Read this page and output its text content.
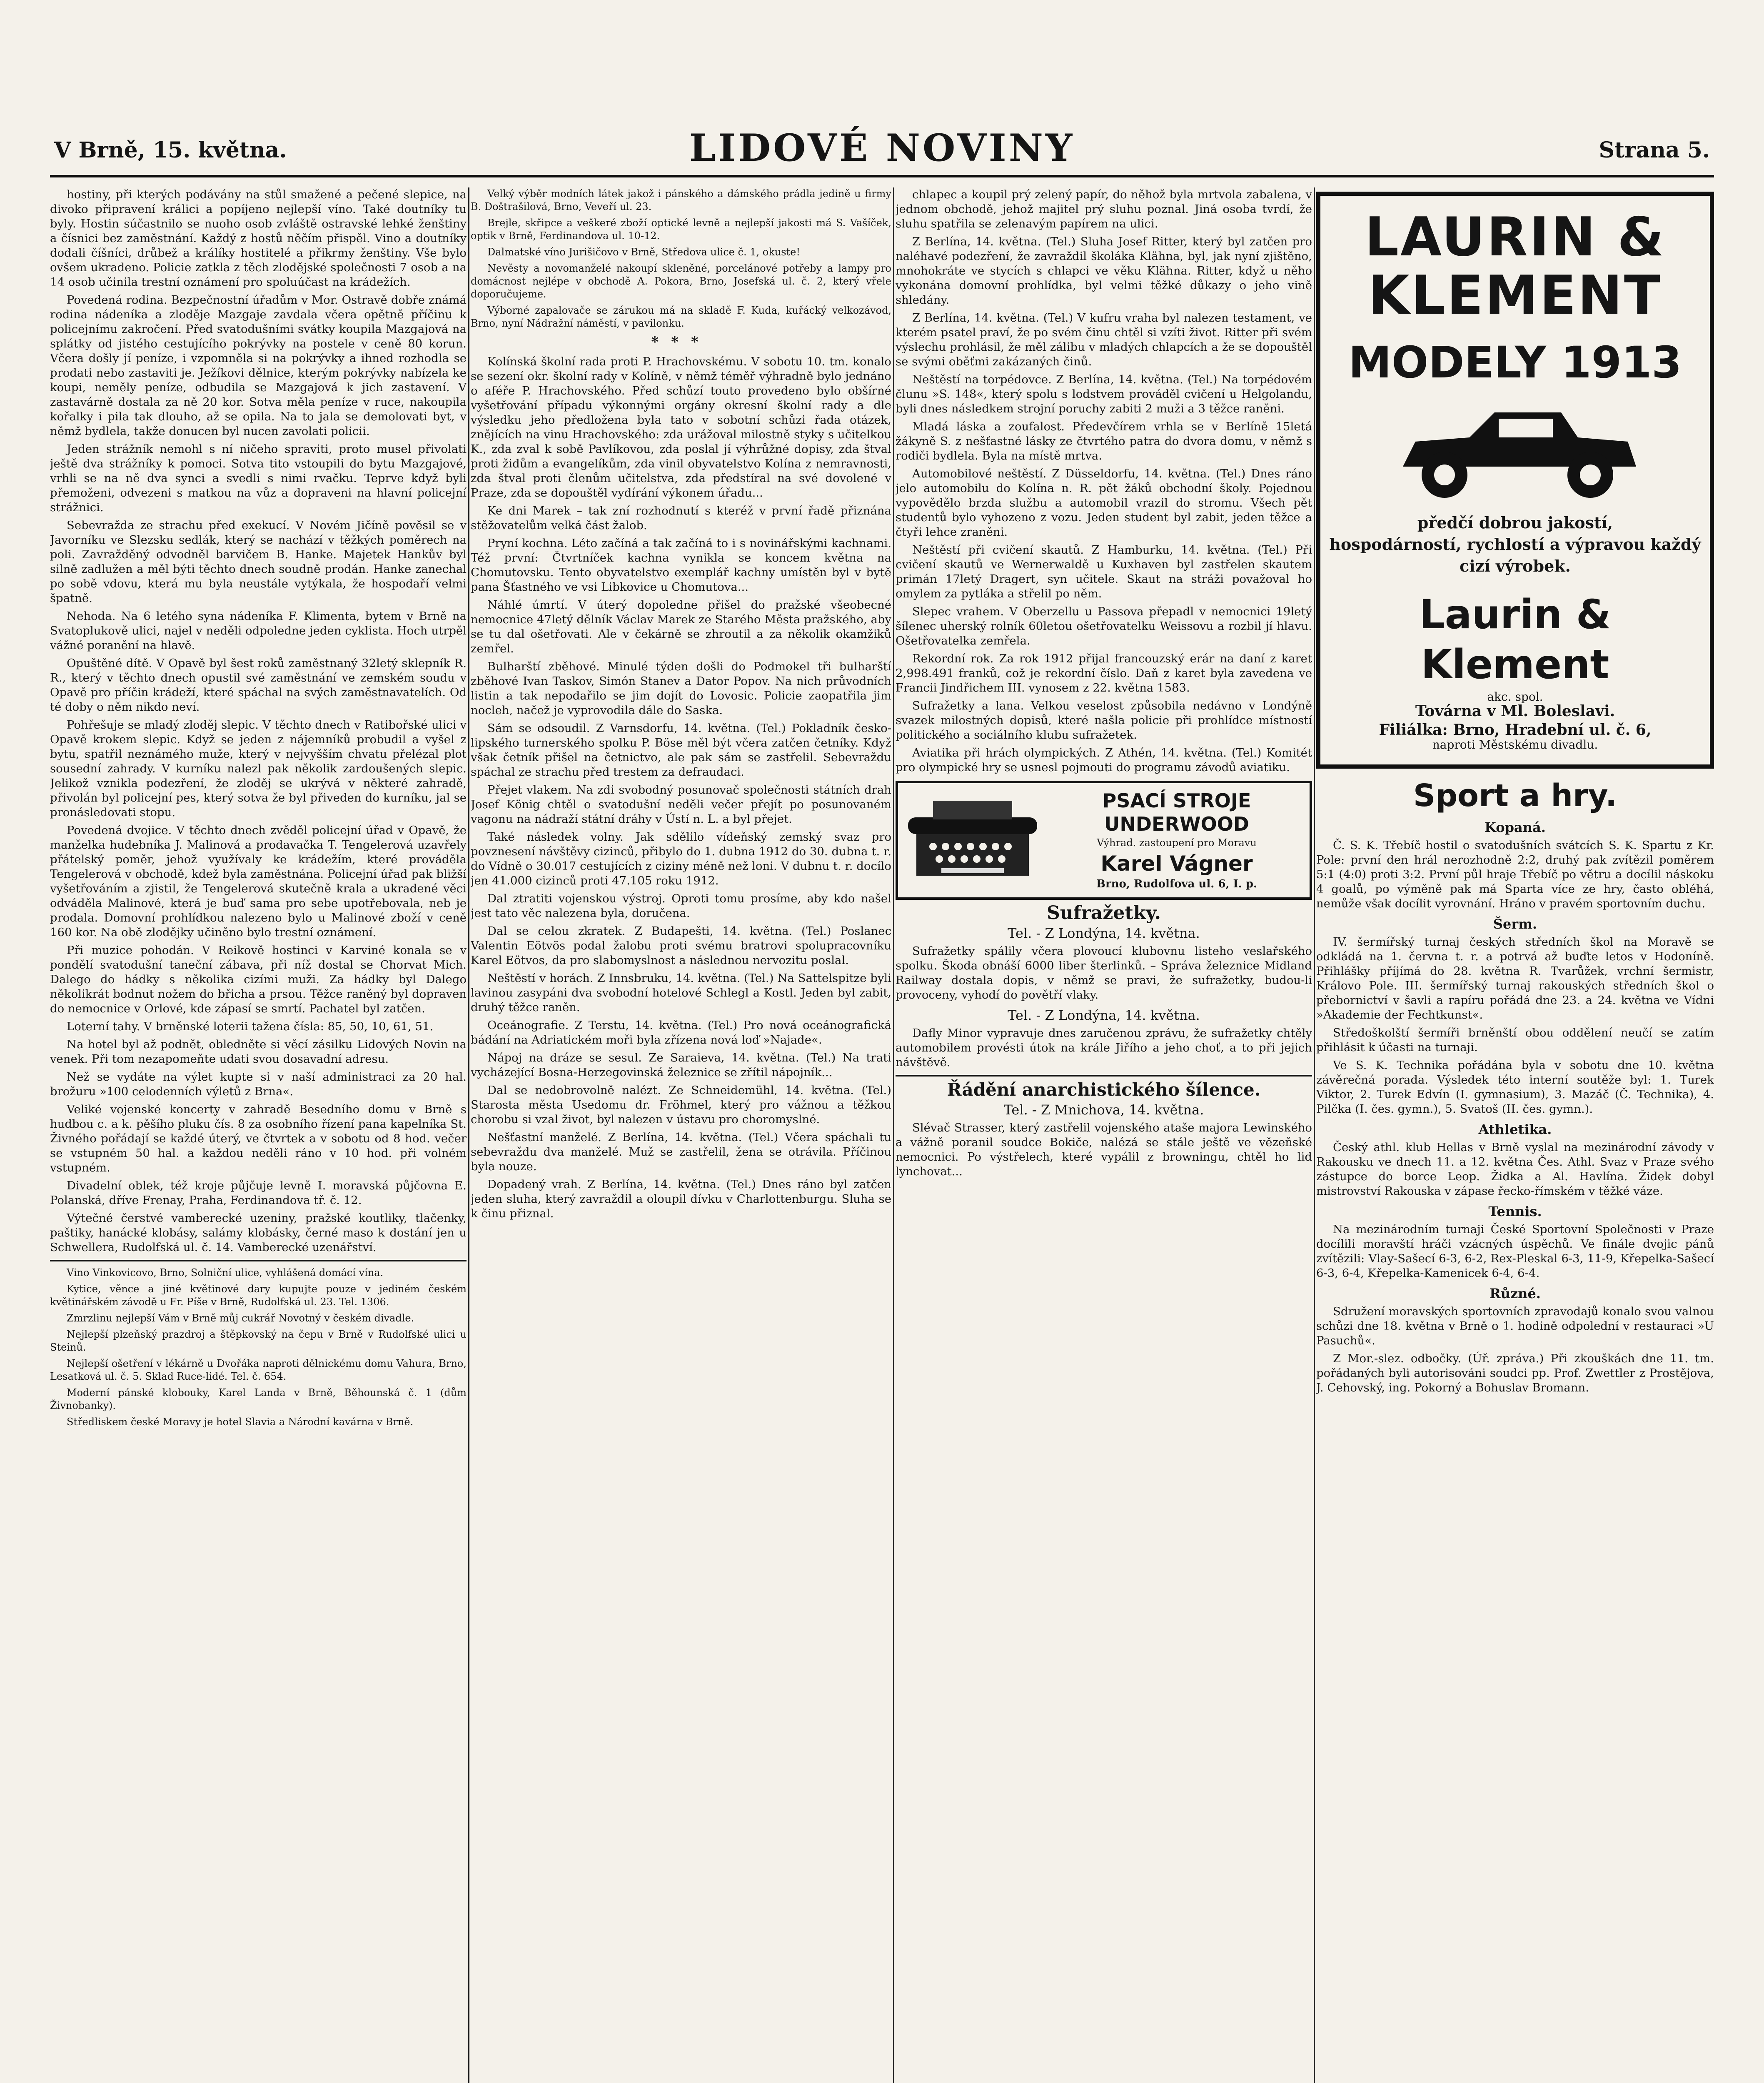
V Brně, 15. května.	LIDOVÉ NOVINY	Strana 5.

hostiny, při kterých podávány na stůl smažené a pečené slepice, na divoko připravení králici a popíjeno nejlepší víno. Také doutníky tu byly. Hostin súčastnilo se nuoho osob zvláště ostravské lehké ženštiny a čísnici bez zaměstnání. Každý z hostů něčím přispěl. Vino a doutníky dodali číšníci, drůbež a králíky hostitelé a přikrmy ženštiny. Vše bylo ovšem ukradeno. Policie zatkla z těch zlodějské společnosti 7 osob a na 14 osob učinila trestní oznámení pro spoluúčast na krádežích.

Povedená rodina. Bezpečnostní úřadům v Mor. Ostravě dobře známá rodina nádeníka a zloděje Mazgaje zavdala včera opětně příčinu k policejnímu zakročení. Před svatodušními svátky koupila Mazgajová na splátky od jistého cestujícího pokrývky na postele v ceně 80 korun. Včera došly jí peníze, i vzpomněla si na pokrývky a ihned rozhodla se prodati nebo zastaviti je. Ježíkovi dělnice, kterým pokrývky nabízela ke koupi, neměly peníze, odbudila se Mazgajová k jich zastavení. V zastavárně dostala za ně 20 kor. Sotva měla peníze v ruce, nakoupila kořalky i pila tak dlouho, až se opila. Na to jala se demolovati byt, v němž bydlela, takže donucen byl nucen zavolati policii.

Jeden strážník nemohl s ní ničeho spraviti, proto musel přivolati ještě dva strážníky k pomoci. Sotva tito vstoupili do bytu Mazgajové, vrhli se na ně dva synci a svedli s nimi rvačku. Teprve když byli přemoženi, odvezeni s matkou na vůz a dopraveni na hlavní policejní strážnici.

Sebevražda ze strachu před exekucí. V Novém Jičíně pověsil se v Javorníku ve Slezsku sedlák, který se nachází v těžkých poměrech na poli. Zavražděný odvodněl barvičem B. Hanke. Majetek Hankův byl silně zadlužen a měl býti těchto dnech soudně prodán. Hanke zanechal po sobě vdovu, která mu byla neustále vytýkala, že hospodaří velmi špatně.

Nehoda. Na 6 letého syna nádeníka F. Klimenta, bytem v Brně na Svatoplukově ulici, najel v neděli odpoledne jeden cyklista. Hoch utrpěl vážné poranění na hlavě.

Opuštěné dítě. V Opavě byl šest roků zaměstnaný 32letý sklepník R. R., který v těchto dnech opustil své zaměstnání ve zemském soudu v Opavě pro příčin krádeží, které spáchal na svých zaměstnavatelích. Od té doby o něm nikdo neví.

Pohřešuje se mladý zloděj slepic. V těchto dnech v Ratibořské ulici v Opavě krokem slepic. Když se jeden z nájemníků probudil a vyšel z bytu, spatřil neznámého muže, který v nejvyšším chvatu přelézal plot sousední zahrady. V kurníku nalezl pak několik zardoušených slepic. Jelikož vznikla podezření, že zloděj se ukrývá v některé zahradě, přivolán byl policejní pes, který sotva že byl přiveden do kurníku, jal se pronásledovati stopu.

Povedená dvojice. V těchto dnech zvěděl policejní úřad v Opavě, že manželka hudebníka J. Malinová a prodavačka T. Tengelerová uzavřely přátelský poměr, jehož využívaly ke krádežím, které prováděla Tengelerová v obchodě, kdež byla zaměstnána. Policejní úřad pak bližší vyšetřováním a zjistil, že Tengelerová skutečně krala a ukradené věci odváděla Malinové, která je buď sama pro sebe upotřebovala, neb je prodala. Domovní prohlídkou nalezeno bylo u Malinové zboží v ceně 160 kor. Na obě zlodějky učiněno bylo trestní oznámení.

Při muzice pohodán. V Reikově hostinci v Karviné konala se v pondělí svatodušní taneční zábava, při níž dostal se Chorvat Mich. Dalego do hádky s několika cizími muži. Za hádky byl Dalego několikrát bodnut nožem do břicha a prsou. Těžce raněný byl dopraven do nemocnice v Orlové, kde zápasí se smrtí. Pachatel byl zatčen.

Loterní tahy. V brněnské loterii tažena čísla: 85, 50, 10, 61, 51.

Na hotel byl až podnět, obledněte si věcí zásilku Lidových Novin na venek. Při tom nezapomeňte udati svou dosavadní adresu.

Než se vydáte na výlet kupte si v naší administraci za 20 hal. brožuru »100 celodenních výletů z Brna«.

Veliké vojenské koncerty v zahradě Besedního domu v Brně s hudbou c. a k. pěšího pluku čís. 8 za osobního řízení pana kapelníka St. Živného pořádají se každé úterý, ve čtvrtek a v sobotu od 8 hod. večer se vstupném 50 hal. a každou neděli ráno v 10 hod. při volném vstupném.

Divadelní oblek, též kroje půjčuje levně I. moravská půjčovna E. Polanská, dříve Frenay, Praha, Ferdinandova tř. č. 12.

Výtečné čerstvé vamberecké uzeniny, pražské koutliky, tlačenky, paštiky, hanácké klobásy, salámy klobásky, černé maso k dostání jen u Schwellera, Rudolfská ul. č. 14. Vamberecké uzenářství.

Vino Vinkovicovo, Brno, Solniční ulice, vyhlášená domácí vína.

Kytice, věnce a jiné květinové dary kupujte pouze v jediném českém květinářském závodě u Fr. Píše v Brně, Rudolfská ul. 23. Tel. 1306.

Zmrzlinu nejlepší Vám v Brně můj cukrář Novotný v českém divadle.

Nejlepší plzeňský prazdroj a štěpkovský na čepu v Brně v Rudolfské ulici u Steinů.

Nejlepší ošetření v lékárně u Dvořáka naproti dělnickému domu Vahura, Brno, Lesatková ul. č. 5. Sklad Ruce-lidé. Tel. č. 654.

Moderní pánské klobouky, Karel Landa v Brně, Běhounská č. 1 (dům Živnobanky).

Středliskem české Moravy je hotel Slavia a Národní kavárna v Brně.

Velký výběr modních látek jakož i pánského a dámského prádla jedině u firmy B. Doštrašilová, Brno, Veveří ul. 23.

Brejle, skřipce a veškeré zboží optické levně a nejlepší jakosti má S. Vašíček, optik v Brně, Ferdinandova ul. 10-12.

Dalmatské víno Jurišičovo v Brně, Středova ulice č. 1, okuste!

Nevěsty a novomanželé nakoupí skleněné, porcelánové potřeby a lampy pro domácnost nejlépe v obchodě A. Pokora, Brno, Josefská ul. č. 2, který vřele doporučujeme.

Výborné zapalovače se zárukou má na skladě F. Kuda, kuřácký velkozávod, Brno, nyní Nádražní náměstí, v pavilonku.

***

Kolínská školní rada proti P. Hrachovskému. V sobotu 10. tm. konalo se sezení okr. školní rady v Kolíně, v němž téměř výhradně bylo jednáno o aféře P. Hrachovského. Před schůzí touto provedeno bylo obšírné vyšetřování případu výkonnými orgány okresní školní rady a dle výsledku jeho předložena byla tato v sobotní schůzi řada otázek, znějících na vinu Hrachovského: zda urážoval milostně styky s učitelkou K., zda zval k sobě Pavlíkovou, zda poslal jí výhrůžné dopisy, zda štval proti židům a evangelíkům, zda vinil obyvatelstvo Kolína z nemravnosti, zda štval proti členům učitelstva, zda předstíral na své dovolené v Praze, zda se dopouštěl vydírání výkonem úřadu...

Ke dni Marek – tak zní rozhodnutí s kteréž v první řadě přiznána stěžovatelům velká část žalob.

Pryní kochna. Léto začíná a tak začíná to i s novinářskými kachnami. Též první: Čtvrtníček kachna vynikla se koncem května na Chomutovsku. Tento obyvatelstvo exemplář kachny umístěn byl v bytě pana Šťastného ve vsi Libkovice u Chomutova...

Náhlé úmrtí. V úterý dopoledne přišel do pražské všeobecné nemocnice 47letý dělník Václav Marek ze Starého Města pražského, aby se tu dal ošetřovati. Ale v čekárně se zhroutil a za několik okamžiků zemřel.

Bulharští zběhové. Minulé týden došli do Podmokel tři bulharští zběhové Ivan Taskov, Simón Stanev a Dator Popov. Na nich průvodních listin a tak nepodařilo se jim dojít do Lovosic. Policie zaopatřila jim nocleh, načež je vyprovodila dále do Saska.

Sám se odsoudil. Z Varnsdorfu, 14. května. (Tel.) Pokladník česko-lipského turnerského spolku P. Böse měl být včera zatčen četníky. Když však četník přišel na četnictvo, ale pak sám se zastřelil. Sebevraždu spáchal ze strachu před trestem za defraudaci.

Přejet vlakem. Na zdi svobodný posunovač společnosti státních drah Josef König chtěl o svatodušní neděli večer přejít po posunovaném vagonu na nádraží státní dráhy v Ústí n. L. a byl přejet.

Také následek volny. Jak sdělilo vídeňský zemský svaz pro povznesení návštěvy cizinců, přibylo do 1. dubna 1912 do 30. dubna t. r. do Vídně o 30.017 cestujících z ciziny méně než loni. V dubnu t. r. docílo jen 41.000 cizinců proti 47.105 roku 1912.

Dal ztratiti vojenskou výstroj. Oproti tomu prosíme, aby kdo našel jest tato věc nalezena byla, doručena.

Dal se celou zkratek. Z Budapešti, 14. května. (Tel.) Poslanec Valentin Eötvös podal žalobu proti svému bratrovi spolupracovníku Karel Eötvos, da pro slabomyslnost a následnou nervozitu poslal.

Neštěstí v horách. Z Innsbruku, 14. května. (Tel.) Na Sattelspitze byli lavinou zasypáni dva svobodní hotelové Schlegl a Kostl. Jeden byl zabit, druhý těžce raněn.

Oceánografie. Z Terstu, 14. května. (Tel.) Pro nová oceánografická bádání na Adriatickém moři byla zřízena nová loď »Najade«.

Nápoj na dráze se sesul. Ze Saraieva, 14. května. (Tel.) Na trati vycházející Bosna-Herzegovinská železnice se zřítil nápojník...

Dal se nedobrovolně nalézt. Ze Schneidemühl, 14. května. (Tel.) Starosta města Usedomu dr. Fröhmel, který pro vážnou a těžkou chorobu si vzal život, byl nalezen v ústavu pro choromyslné.

Nešťastní manželé. Z Berlína, 14. května. (Tel.) Včera spáchali tu sebevraždu dva manželé. Muž se zastřelil, žena se otrávila. Příčinou byla nouze.

Dopadený vrah. Z Berlína, 14. května. (Tel.) Dnes ráno byl zatčen jeden sluha, který zavraždil a oloupil dívku v Charlottenburgu. Sluha se k činu přiznal.

chlapec a koupil prý zelený papír, do něhož byla mrtvola zabalena, v jednom obchodě, jehož majitel prý sluhu poznal. Jiná osoba tvrdí, že sluhu spatřila se zelenavým papírem na ulici.

Z Berlína, 14. května. (Tel.) Sluha Josef Ritter, který byl zatčen pro naléhavé podezření, že zavraždil školáka Klähna, byl, jak nyní zjištěno, mnohokráte ve stycích s chlapci ve věku Klähna. Ritter, když u něho vykonána domovní prohlídka, byl velmi těžké důkazy o jeho vině shledány.

Z Berlína, 14. května. (Tel.) V kufru vraha byl nalezen testament, ve kterém psatel praví, že po svém činu chtěl si vzíti život. Ritter při svém výslechu prohlásil, že měl zálibu v mladých chlapcích a že se dopouštěl se svými oběťmi zakázaných činů.

Neštěstí na torpédovce. Z Berlína, 14. května. (Tel.) Na torpédovém člunu »S. 148«, který spolu s lodstvem prováděl cvičení u Helgolandu, byli dnes následkem strojní poruchy zabiti 2 muži a 3 těžce raněni.

Mladá láska a zoufalost. Předevčírem vrhla se v Berlíně 15letá žákyně S. z nešťastné lásky ze čtvrtého patra do dvora domu, v němž s rodiči bydlela. Byla na místě mrtva.

Automobilové neštěstí. Z Düsseldorfu, 14. května. (Tel.) Dnes ráno jelo automobilu do Kolína n. R. pět žáků obchodní školy. Pojednou vypovědělo brzda službu a automobil vrazil do stromu. Všech pět studentů bylo vyhozeno z vozu. Jeden student byl zabit, jeden těžce a čtyři lehce zraněni.

Neštěstí při cvičení skautů. Z Hamburku, 14. května. (Tel.) Při cvičení skautů ve Wernerwaldě u Kuxhaven byl zastřelen skautem primán 17letý Dragert, syn učitele. Skaut na stráži považoval ho omylem za pytláka a střelil po něm.

Slepec vrahem. V Oberzellu u Passova přepadl v nemocnici 19letý šílenec uherský rolník 60letou ošetřovatelku Weissovu a rozbil jí hlavu. Ošetřovatelka zemřela.

Rekordní rok. Za rok 1912 přijal francouzský erár na daní z karet 2,998.491 franků, což je rekordní číslo. Daň z karet byla zavedena ve Francii Jindřichem III. vynosem z 22. května 1583.

Sufražetky a lana. Velkou veselost způsobila nedávno v Londýně svazek milostných dopisů, které našla policie při prohlídce místností politického a sociálního klubu sufražetek.

Aviatika při hrách olympických. Z Athén, 14. května. (Tel.) Komitét pro olympické hry se usnesl pojmouti do programu závodů aviatiku.

PSACÍ STROJE UNDERWOOD
Výhrad. zastoupení pro Moravu
Karel Vágner
Brno, Rudolfova ul. 6, I. p.
Sufražetky.
Tel. - Z Londýna, 14. května.

Sufražetky spálily včera plovoucí klubovnu listeho veslařského spolku. Škoda obnáší 6000 liber šterlinků. – Správa železnice Midland Railway dostala dopis, v němž se pravi, že sufražetky, budou-li provoceny, vyhodí do povětří vlaky.

Tel. - Z Londýna, 14. května.

Dafly Minor vypravuje dnes zaručenou zprávu, že sufražetky chtěly automobilem provésti útok na krále Jiřího a jeho choť, a to při jejich návštěvě.

Řádění anarchistického šílence.
Tel. - Z Mnichova, 14. května.

Slévač Strasser, který zastřelil vojenského ataše majora Lewinského a vážně poranil soudce Bokiče, nalézá se stále ještě ve vězeňské nemocnici. Po výstřelech, které vypálil z browningu, chtěl ho lid lynchovat...

LAURIN &
KLEMENT
MODELY 1913
předčí dobrou jakostí,
hospodárností, rychlostí a výpravou každý
cizí výrobek.
Laurin & Klement
akc. spol.
Továrna v Ml. Boleslavi.
Filiálka: Brno, Hradební ul. č. 6,
naproti Městskému divadlu.
Sport a hry.
Kopaná.

Č. S. K. Třebíč hostil o svatodušních svátcích S. K. Spartu z Kr. Pole: první den hrál nerozhodně 2:2, druhý pak zvítězil poměrem 5:1 (4:0) proti 3:2. První půl hraje Třebíč po větru a docílil náskoku 4 goalů, po výměně pak má Sparta více ze hry, často obléhá, nemůže však docílit vyrovnání. Hráno v pravém sportovním duchu.

Šerm.

IV. šermířský turnaj českých středních škol na Moravě se odkládá na 1. června t. r. a potrvá až buďte letos v Hodoníně. Přihlášky příjímá do 28. května R. Tvarůžek, vrchní šermistr, Královo Pole. III. šermířský turnaj rakouských středních škol o přebornictví v šavli a rapíru pořádá dne 23. a 24. května ve Vídni »Akademie der Fechtkunst«.

Středoškolští šermíři brněnští obou oddělení neučí se zatím přihlásit k účasti na turnaji.

Ve S. K. Technika pořádána byla v sobotu dne 10. května závěrečná porada. Výsledek této interní soutěže byl: 1. Turek Viktor, 2. Turek Edvín (I. gymnasium), 3. Mazáč (Č. Technika), 4. Pilčka (I. čes. gymn.), 5. Svatoš (II. čes. gymn.).

Athletika.

Český athl. klub Hellas v Brně vyslal na mezinárodní závody v Rakousku ve dnech 11. a 12. května Čes. Athl. Svaz v Praze svého zástupce do borce Leop. Židka a Al. Havlína. Židek dobyl mistrovství Rakouska v zápase řecko-římském v těžké váze.

Tennis.

Na mezinárodním turnaji České Sportovní Společnosti v Praze docílili moravští hráči vzácných úspěchů. Ve finále dvojic pánů zvítězili: Vlay-Sašecí 6-3, 6-2, Rex-Pleskal 6-3, 11-9, Křepelka-Sašecí 6-3, 6-4, Křepelka-Kamenicek 6-4, 6-4.

Různé.

Sdružení moravských sportovních zpravodajů konalo svou valnou schůzi dne 18. května v Brně o 1. hodině odpolední v restauraci »U Pasuchů«.

Z Mor.-slez. odbočky. (Úř. zpráva.) Při zkouškách dne 11. tm. pořádaných byli autorisováni soudci pp. Prof. Zwettler z Prostějova, J. Cehovský, ing. Pokorný a Bohuslav Bromann.
